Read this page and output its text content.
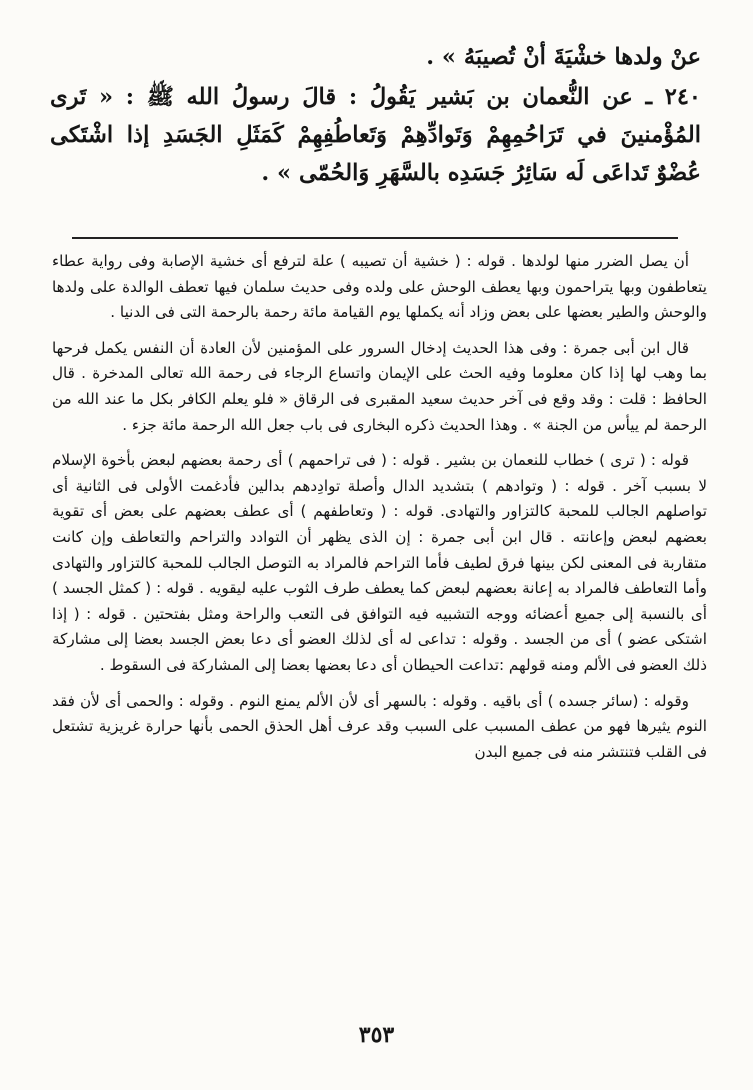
عنْ ولدها خشْيَةَ أنْ تُصيبَهُ » .

٢٤٠ ـ عن النُّعمان بن بَشير يَقُولُ : قالَ رسولُ الله ﷺ : « تَرى المُؤْمنينَ في تَرَاحُمِهِمْ وَتَوادِّهِمْ وَتَعاطُفِهِمْ كَمَثَلِ الجَسَدِ إذا اشْتَكى عُضْوٌ تَداعَى لَه سَائِرُ جَسَدِه بالسَّهَرِ وَالحُمّى » .

أن يصل الضرر منها لولدها . قوله : ( خشية أن تصيبه ) علة لترفع أى خشية الإصابة وفى رواية عطاء يتعاطفون وبها يتراحمون وبها يعطف الوحش على ولده وفى حديث سلمان فيها تعطف الوالدة على ولدها والوحش والطير بعضها على بعض وزاد أنه يكملها يوم القيامة مائة رحمة بالرحمة التى فى الدنيا .

قال ابن أبى جمرة : وفى هذا الحديث إدخال السرور على المؤمنين لأن العادة أن النفس يكمل فرحها بما وهب لها إذا كان معلوما وفيه الحث على الإيمان واتساع الرجاء فى رحمة الله تعالى المدخرة . قال الحافظ : قلت : وقد وقع فى آخر حديث سعيد المقبرى فى الرقاق « فلو يعلم الكافر بكل ما عند الله من الرحمة لم ييأس من الجنة » . وهذا الحديث ذكره البخارى فى باب جعل الله الرحمة مائة جزء .

قوله : ( ترى ) خطاب للنعمان بن بشير . قوله : ( فى تراحمهم ) أى رحمة بعضهم لبعض بأخوة الإسلام لا بسبب آخر . قوله : ( وتوادهم ) بتشديد الدال وأصلة توادِدهم بدالين فأدغمت الأولى فى الثانية أى تواصلهم الجالب للمحبة كالتزاور والتهادى. قوله : ( وتعاطفهم ) أى عطف بعضهم على بعض أى تقوية بعضهم لبعض وإعانته . قال ابن أبى جمرة : إن الذى يظهر أن التوادد والتراحم والتعاطف وإن كانت متقاربة فى المعنى لكن بينها فرق لطيف فأما التراحم فالمراد به التوصل الجالب للمحبة كالتزاور والتهادى وأما التعاطف فالمراد به إعانة بعضهم لبعض كما يعطف طرف الثوب عليه ليقويه . قوله : ( كمثل الجسد ) أى بالنسبة إلى جميع أعضائه ووجه التشبيه فيه التوافق فى التعب والراحة ومثل بفتحتين . قوله : ( إذا اشتكى عضو ) أى من الجسد . وقوله : تداعى له أى لذلك العضو أى دعا بعض الجسد بعضا إلى مشاركة ذلك العضو فى الألم ومنه قولهم :تداعت الحيطان أى دعا بعضها بعضا إلى المشاركة فى السقوط .

وقوله : (سائر جسده ) أى باقيه . وقوله : بالسهر أى لأن الألم يمنع النوم . وقوله : والحمى أى لأن فقد النوم يثيرها فهو من عطف المسبب على السبب وقد عرف أهل الحذق الحمى بأنها حرارة غريزية تشتعل فى القلب فتنتشر منه فى جميع البدن

٣٥٣
